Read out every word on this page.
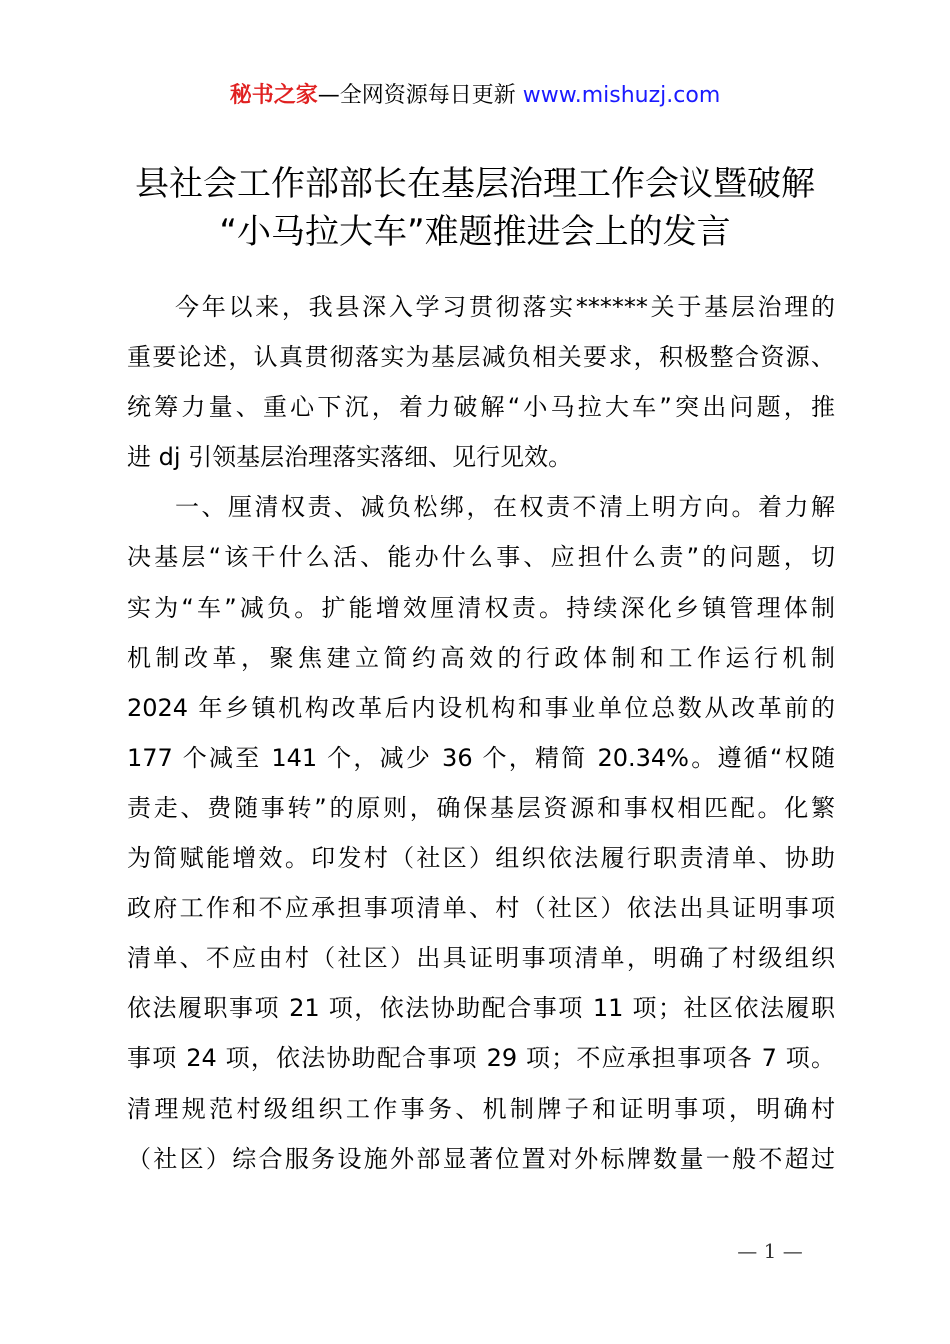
秘书之家—全网资源每日更新 www.mishuzj.com
县社会工作部部长在基层治理工作会议暨破解
“小马拉大车”难题推进会上的发言
今年以来，我县深入学习贯彻落实******关于基层治理的
重要论述，认真贯彻落实为基层减负相关要求，积极整合资源、
统筹力量、重心下沉，着力破解“小马拉大车”突出问题，推
进 dj 引领基层治理落实落细、见行见效。
一、厘清权责、减负松绑，在权责不清上明方向。着力解
决基层“该干什么活、能办什么事、应担什么责”的问题，切
实为“车”减负。扩能增效厘清权责。持续深化乡镇管理体制
机制改革，聚焦建立简约高效的行政体制和工作运行机制
2024 年乡镇机构改革后内设机构和事业单位总数从改革前的
177 个减至 141 个，减少 36 个，精简 20.34%。遵循“权随
责走、费随事转”的原则，确保基层资源和事权相匹配。化繁
为简赋能增效。印发村（社区）组织依法履行职责清单、协助
政府工作和不应承担事项清单、村（社区）依法出具证明事项
清单、不应由村（社区）出具证明事项清单，明确了村级组织
依法履职事项 21 项，依法协助配合事项 11 项；社区依法履职
事项 24 项，依法协助配合事项 29 项；不应承担事项各 7 项。
清理规范村级组织工作事务、机制牌子和证明事项，明确村
（社区）综合服务设施外部显著位置对外标牌数量一般不超过
— 1 —
